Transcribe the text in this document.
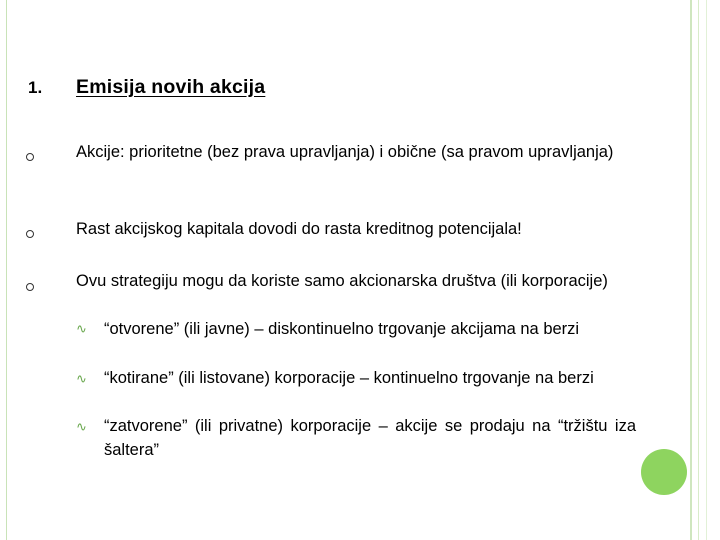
1. Emisija novih akcija
Akcije: prioritetne (bez prava upravljanja) i obične (sa pravom upravljanja)
Rast akcijskog kapitala dovodi do rasta kreditnog potencijala!
Ovu strategiju mogu da koriste samo akcionarska društva (ili korporacije)
∿ “otvorene” (ili javne) – diskontinuelno trgovanje akcijama na berzi
∿ “kotirane” (ili listovane) korporacije – kontinuelno trgovanje na berzi
∿ “zatvorene” (ili privatne) korporacije – akcije se prodaju na “tržištu iza šaltera”
